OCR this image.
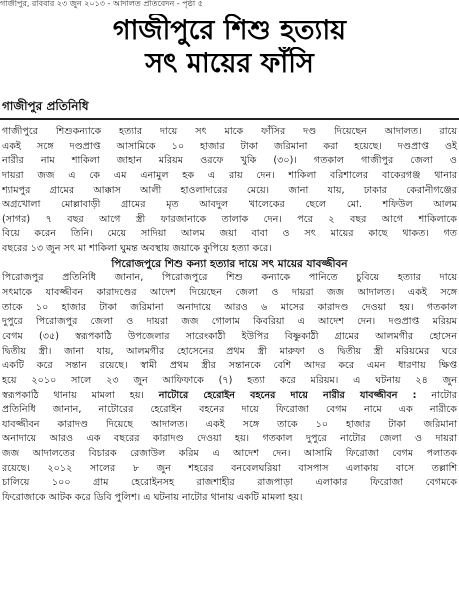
গাজীপুর, রবিবার ২৩ জুন ২০১৩ - আদালত প্রতিবেদন - পৃষ্ঠা ৫
গাজীপুরে শিশু হত্যায়
সৎ মায়ের ফাঁসি
গাজীপুর প্রতিনিধি
গাজীপুরে শিশুকন্যাকে হত্যার দায়ে সৎ মাকে ফাঁসির দণ্ড দিয়েছেন আদালত। রায়ে
একই সঙ্গে দণ্ডপ্রাপ্ত আসামিকে ১০ হাজার টাকা জরিমানা করা হয়েছে। দণ্ডপ্রাপ্ত ওই
নারীর নাম শাকিলা জাহান মরিয়ম ওরফে খুকি (৩০)। গতকাল গাজীপুর জেলা ও
দায়রা জজ এ কে এম এনামুল হক এ রায় দেন। শাকিলা বরিশালের বাকেরগঞ্জ থানার
শ্যামপুর গ্রামের আক্কাস আলী হাওলাদারের মেয়ে। জানা যায়, ঢাকার কেরানীগঞ্জের
অগ্রখোলা মোল্লাবাড়ী গ্রামের মৃত আবদুল খালেকের ছেলে মো. শফিউল আলম
(সাগর) ৭ বছর আগে স্ত্রী ফারজানাকে তালাক দেন। পরে ২ বছর আগে শাকিলাকে
বিয়ে করেন তিনি। মেয়ে সাদিয়া আলম জয়া বাবা ও সৎ মায়ের কাছে থাকত। গত
বছরের ১৩ জুন সৎ মা শাকিলা ঘুমন্ত অবস্থায় জয়াকে কুপিয়ে হত্যা করে।
পিরোজপুরে শিশু কন্যা হত্যার দায়ে সৎ মায়ের যাবজ্জীবন
পিরোজপুর প্রতিনিধি জানান, পিরোজপুরে শিশু কন্যাকে পানিতে চুবিয়ে হত্যার দায়ে
সৎমাকে যাবজ্জীবন কারাদণ্ডের আদেশ দিয়েছেন জেলা ও দায়রা জজ আদালত। একই সঙ্গে
তাকে ১০ হাজার টাকা জরিমানা অনাদায়ে আরও ৬ মাসের কারাদণ্ড দেওয়া হয়। গতকাল
দুপুরে পিরোজপুর জেলা ও দায়রা জজ গোলাম কিবরিয়া এ আদেশ দেন। দণ্ডপ্রাপ্ত মরিয়ম
বেগম (৩৫) স্বরূপকাঠি উপজেলার সারেংকাঠী ইউপির বিষ্ণুকাঠী গ্রামের আলমগীর হোসেন
দ্বিতীয় স্ত্রী। জানা যায়, আলমগীর হোসেনের প্রথম স্ত্রী মারুফা ও দ্বিতীয় স্ত্রী মরিয়মের ঘরে
একটি করে সন্তান রয়েছে। স্বামী প্রথম স্ত্রীর সন্তানকে বেশি আদর করে এমন ধারণায় ক্ষিপ্ত
হয়ে ২০১০ সালে ২৩ জুন আফিফাকে (৭) হত্যা করে মরিয়ম। এ ঘটনায় ২৪ জুন
স্বরূপকাঠি থানায় মামলা হয়। নাটোরে হেরোইন বহনের দায়ে নারীর যাবজ্জীবন : নাটোর
প্রতিনিধি জানান, নাটোরের হেরোইন বহনের দায়ে ফিরোজা বেগম নামে এক নারীকে
যাবজ্জীবন কারাদণ্ড দিয়েছে আদালত। একই সঙ্গে তাকে ১০ হাজার টাকা জরিমানা
অনাদায়ে আরও এক বছরের কারাদণ্ড দেওয়া হয়। গতকাল দুপুরে নাটোর জেলা ও দায়রা
জজ আদালতের বিচারক রেজাউল করিম এ আদেশ দেন। আসামি ফিরোজা বেগম পলাতক
রয়েছে। ২০১২ সালের ৮ জুন শহরের বনবেলঘরিয়া বাসপাস এলাকায় বাসে তল্লাশি
চালিয়ে ১০০ গ্রাম হেরোইনসহ রাজশাহীর রাজপাড়া এলাকার ফিরোজা বেগমকে
ফিরোজাকে আটক করে ডিবি পুলিশ। এ ঘটনায় নাটোর থানায় একটি মামলা হয়।
